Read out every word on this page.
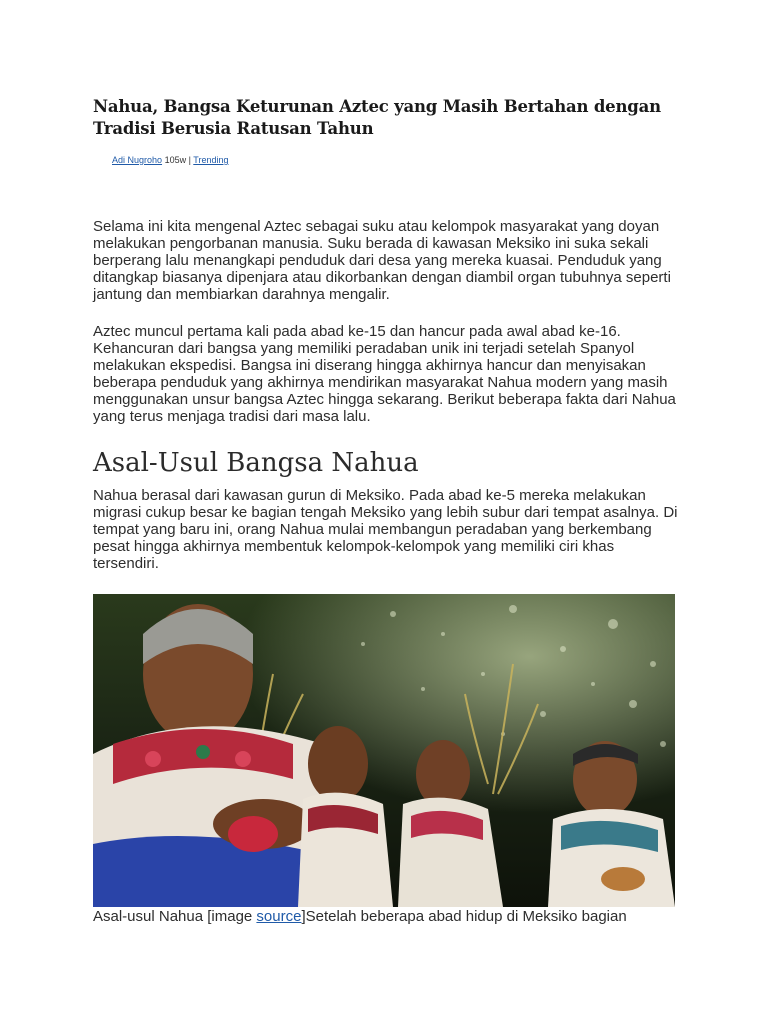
Nahua, Bangsa Keturunan Aztec yang Masih Bertahan dengan Tradisi Berusia Ratusan Tahun
Adi Nugroho 105w | Trending

Selama ini kita mengenal Aztec sebagai suku atau kelompok masyarakat yang doyan melakukan pengorbanan manusia. Suku berada di kawasan Meksiko ini suka sekali berperang lalu menangkapi penduduk dari desa yang mereka kuasai. Penduduk yang ditangkap biasanya dipenjara atau dikorbankan dengan diambil organ tubuhnya seperti jantung dan membiarkan darahnya mengalir.

Aztec muncul pertama kali pada abad ke-15 dan hancur pada awal abad ke-16. Kehancuran dari bangsa yang memiliki peradaban unik ini terjadi setelah Spanyol melakukan ekspedisi. Bangsa ini diserang hingga akhirnya hancur dan menyisakan beberapa penduduk yang akhirnya mendirikan masyarakat Nahua modern yang masih menggunakan unsur bangsa Aztec hingga sekarang. Berikut beberapa fakta dari Nahua yang terus menjaga tradisi dari masa lalu.

Asal-Usul Bangsa Nahua

Nahua berasal dari kawasan gurun di Meksiko. Pada abad ke-5 mereka melakukan migrasi cukup besar ke bagian tengah Meksiko yang lebih subur dari tempat asalnya. Di tempat yang baru ini, orang Nahua mulai membangun peradaban yang berkembang pesat hingga akhirnya membentuk kelompok-kelompok yang memiliki ciri khas tersendiri.

Asal-usul Nahua [image source]Setelah beberapa abad hidup di Meksiko bagian
